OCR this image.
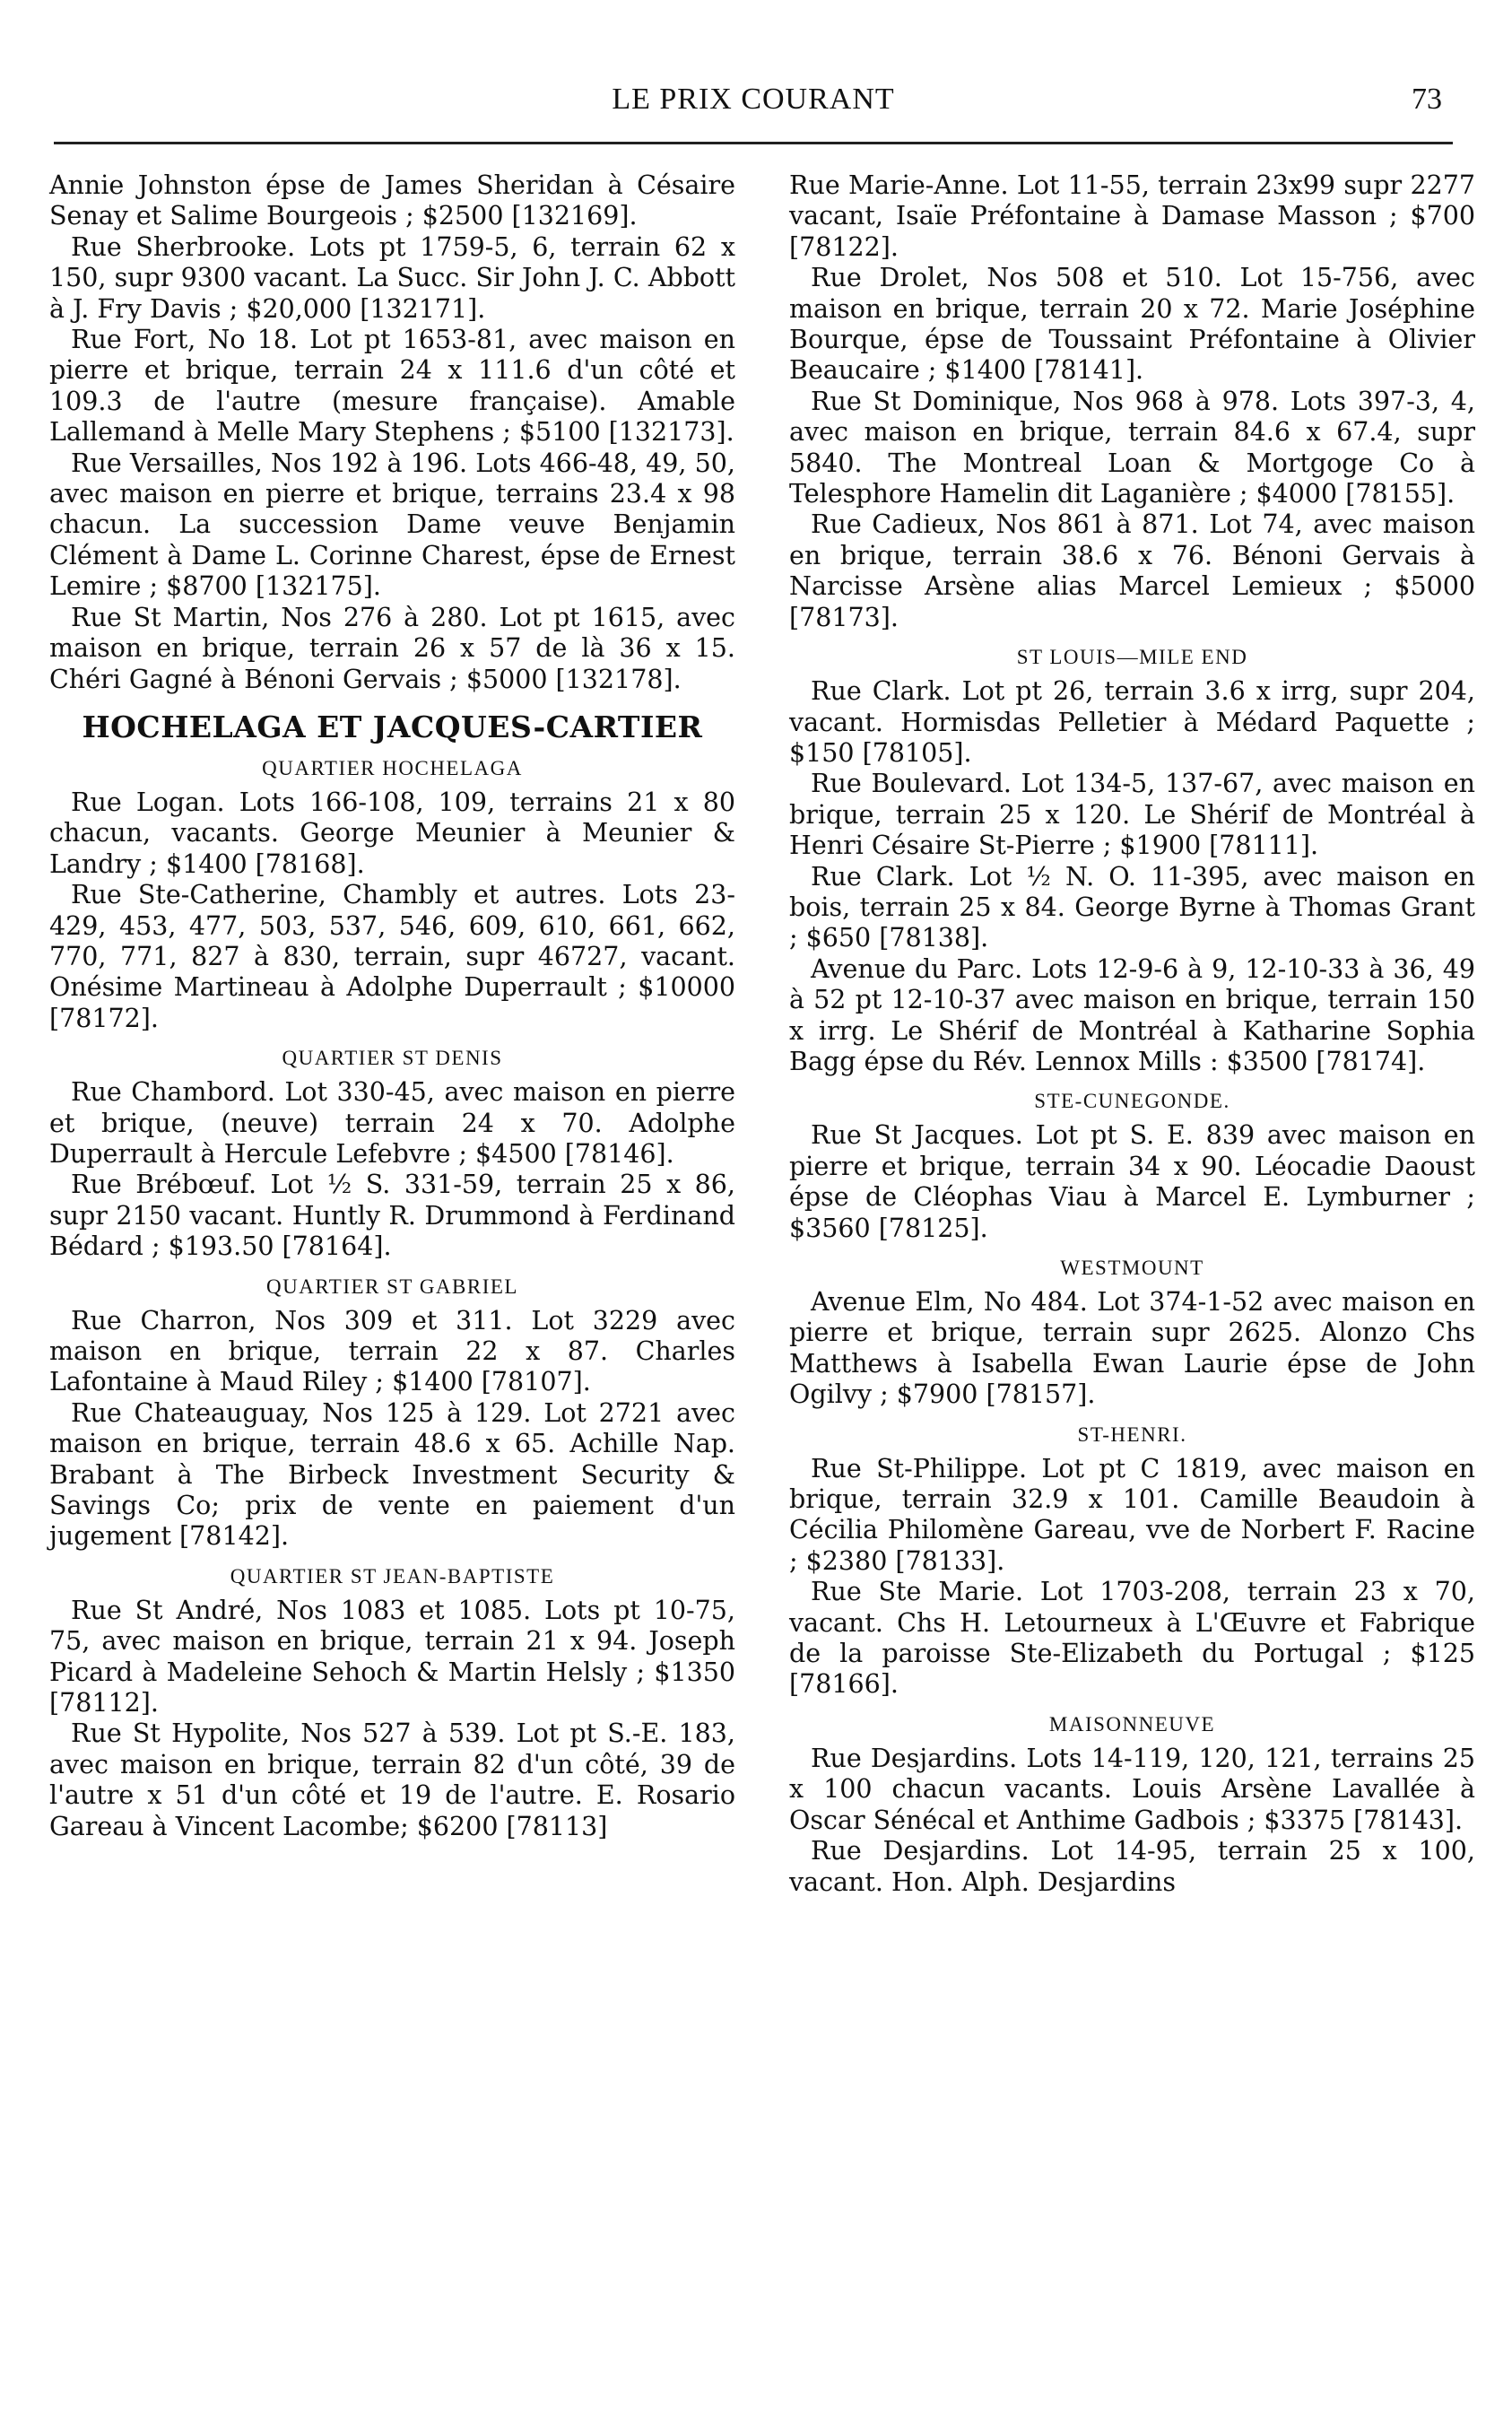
LE PRIX COURANT	73

Annie Johnston épse de James Sheridan à Césaire Senay et Salime Bourgeois ; $2500 [132169].

Rue Sherbrooke. Lots pt 1759-5, 6, terrain 62 x 150, supr 9300 vacant. La Succ. Sir John J. C. Abbott à J. Fry Davis ; $20,000 [132171].

Rue Fort, No 18. Lot pt 1653-81, avec maison en pierre et brique, terrain 24 x 111.6 d'un côté et 109.3 de l'autre (mesure française). Amable Lallemand à Melle Mary Stephens ; $5100 [132173].

Rue Versailles, Nos 192 à 196. Lots 466-48, 49, 50, avec maison en pierre et brique, terrains 23.4 x 98 chacun. La succession Dame veuve Benjamin Clément à Dame L. Corinne Charest, épse de Ernest Lemire ; $8700 [132175].

Rue St Martin, Nos 276 à 280. Lot pt 1615, avec maison en brique, terrain 26 x 57 de là 36 x 15. Chéri Gagné à Bénoni Gervais ; $5000 [132178].

HOCHELAGA ET JACQUES-CARTIER
QUARTIER HOCHELAGA

Rue Logan. Lots 166-108, 109, terrains 21 x 80 chacun, vacants. George Meunier à Meunier & Landry ; $1400 [78168].

Rue Ste-Catherine, Chambly et autres. Lots 23-429, 453, 477, 503, 537, 546, 609, 610, 661, 662, 770, 771, 827 à 830, terrain, supr 46727, vacant. Onésime Martineau à Adolphe Duperrault ; $10000 [78172].

QUARTIER ST DENIS

Rue Chambord. Lot 330-45, avec maison en pierre et brique, (neuve) terrain 24 x 70. Adolphe Duperrault à Hercule Lefebvre ; $4500 [78146].

Rue Brébœuf. Lot ½ S. 331-59, terrain 25 x 86, supr 2150 vacant. Huntly R. Drummond à Ferdinand Bédard ; $193.50 [78164].

QUARTIER ST GABRIEL

Rue Charron, Nos 309 et 311. Lot 3229 avec maison en brique, terrain 22 x 87. Charles Lafontaine à Maud Riley ; $1400 [78107].

Rue Chateauguay, Nos 125 à 129. Lot 2721 avec maison en brique, terrain 48.6 x 65. Achille Nap. Brabant à The Birbeck Investment Security & Savings Co; prix de vente en paiement d'un jugement [78142].

QUARTIER ST JEAN-BAPTISTE

Rue St André, Nos 1083 et 1085. Lots pt 10-75, 75, avec maison en brique, terrain 21 x 94. Joseph Picard à Madeleine Sehoch & Martin Helsly ; $1350 [78112].

Rue St Hypolite, Nos 527 à 539. Lot pt S.-E. 183, avec maison en brique, terrain 82 d'un côté, 39 de l'autre x 51 d'un côté et 19 de l'autre. E. Rosario Gareau à Vincent Lacombe; $6200 [78113]

Rue Marie-Anne. Lot 11-55, terrain 23x99 supr 2277 vacant, Isaïe Préfontaine à Damase Masson ; $700 [78122].

Rue Drolet, Nos 508 et 510. Lot 15-756, avec maison en brique, terrain 20 x 72. Marie Joséphine Bourque, épse de Toussaint Préfontaine à Olivier Beaucaire ; $1400 [78141].

Rue St Dominique, Nos 968 à 978. Lots 397-3, 4, avec maison en brique, terrain 84.6 x 67.4, supr 5840. The Montreal Loan & Mortgoge Co à Telesphore Hamelin dit Laganière ; $4000 [78155].

Rue Cadieux, Nos 861 à 871. Lot 74, avec maison en brique, terrain 38.6 x 76. Bénoni Gervais à Narcisse Arsène alias Marcel Lemieux ; $5000 [78173].

ST LOUIS—MILE END

Rue Clark. Lot pt 26, terrain 3.6 x irrg, supr 204, vacant. Hormisdas Pelletier à Médard Paquette ; $150 [78105].

Rue Boulevard. Lot 134-5, 137-67, avec maison en brique, terrain 25 x 120. Le Shérif de Montréal à Henri Césaire St-Pierre ; $1900 [78111].

Rue Clark. Lot ½ N. O. 11-395, avec maison en bois, terrain 25 x 84. George Byrne à Thomas Grant ; $650 [78138].

Avenue du Parc. Lots 12-9-6 à 9, 12-10-33 à 36, 49 à 52 pt 12-10-37 avec maison en brique, terrain 150 x irrg. Le Shérif de Montréal à Katharine Sophia Bagg épse du Rév. Lennox Mills : $3500 [78174].

STE-CUNEGONDE.

Rue St Jacques. Lot pt S. E. 839 avec maison en pierre et brique, terrain 34 x 90. Léocadie Daoust épse de Cléophas Viau à Marcel E. Lymburner ; $3560 [78125].

WESTMOUNT

Avenue Elm, No 484. Lot 374-1-52 avec maison en pierre et brique, terrain supr 2625. Alonzo Chs Matthews à Isabella Ewan Laurie épse de John Ogilvy ; $7900 [78157].

ST-HENRI.

Rue St-Philippe. Lot pt C 1819, avec maison en brique, terrain 32.9 x 101. Camille Beaudoin à Cécilia Philomène Gareau, vve de Norbert F. Racine ; $2380 [78133].

Rue Ste Marie. Lot 1703-208, terrain 23 x 70, vacant. Chs H. Letourneux à L'Œuvre et Fabrique de la paroisse Ste-Elizabeth du Portugal ; $125 [78166].

MAISONNEUVE

Rue Desjardins. Lots 14-119, 120, 121, terrains 25 x 100 chacun vacants. Louis Arsène Lavallée à Oscar Sénécal et Anthime Gadbois ; $3375 [78143].

Rue Desjardins. Lot 14-95, terrain 25 x 100, vacant. Hon. Alph. Desjardins
